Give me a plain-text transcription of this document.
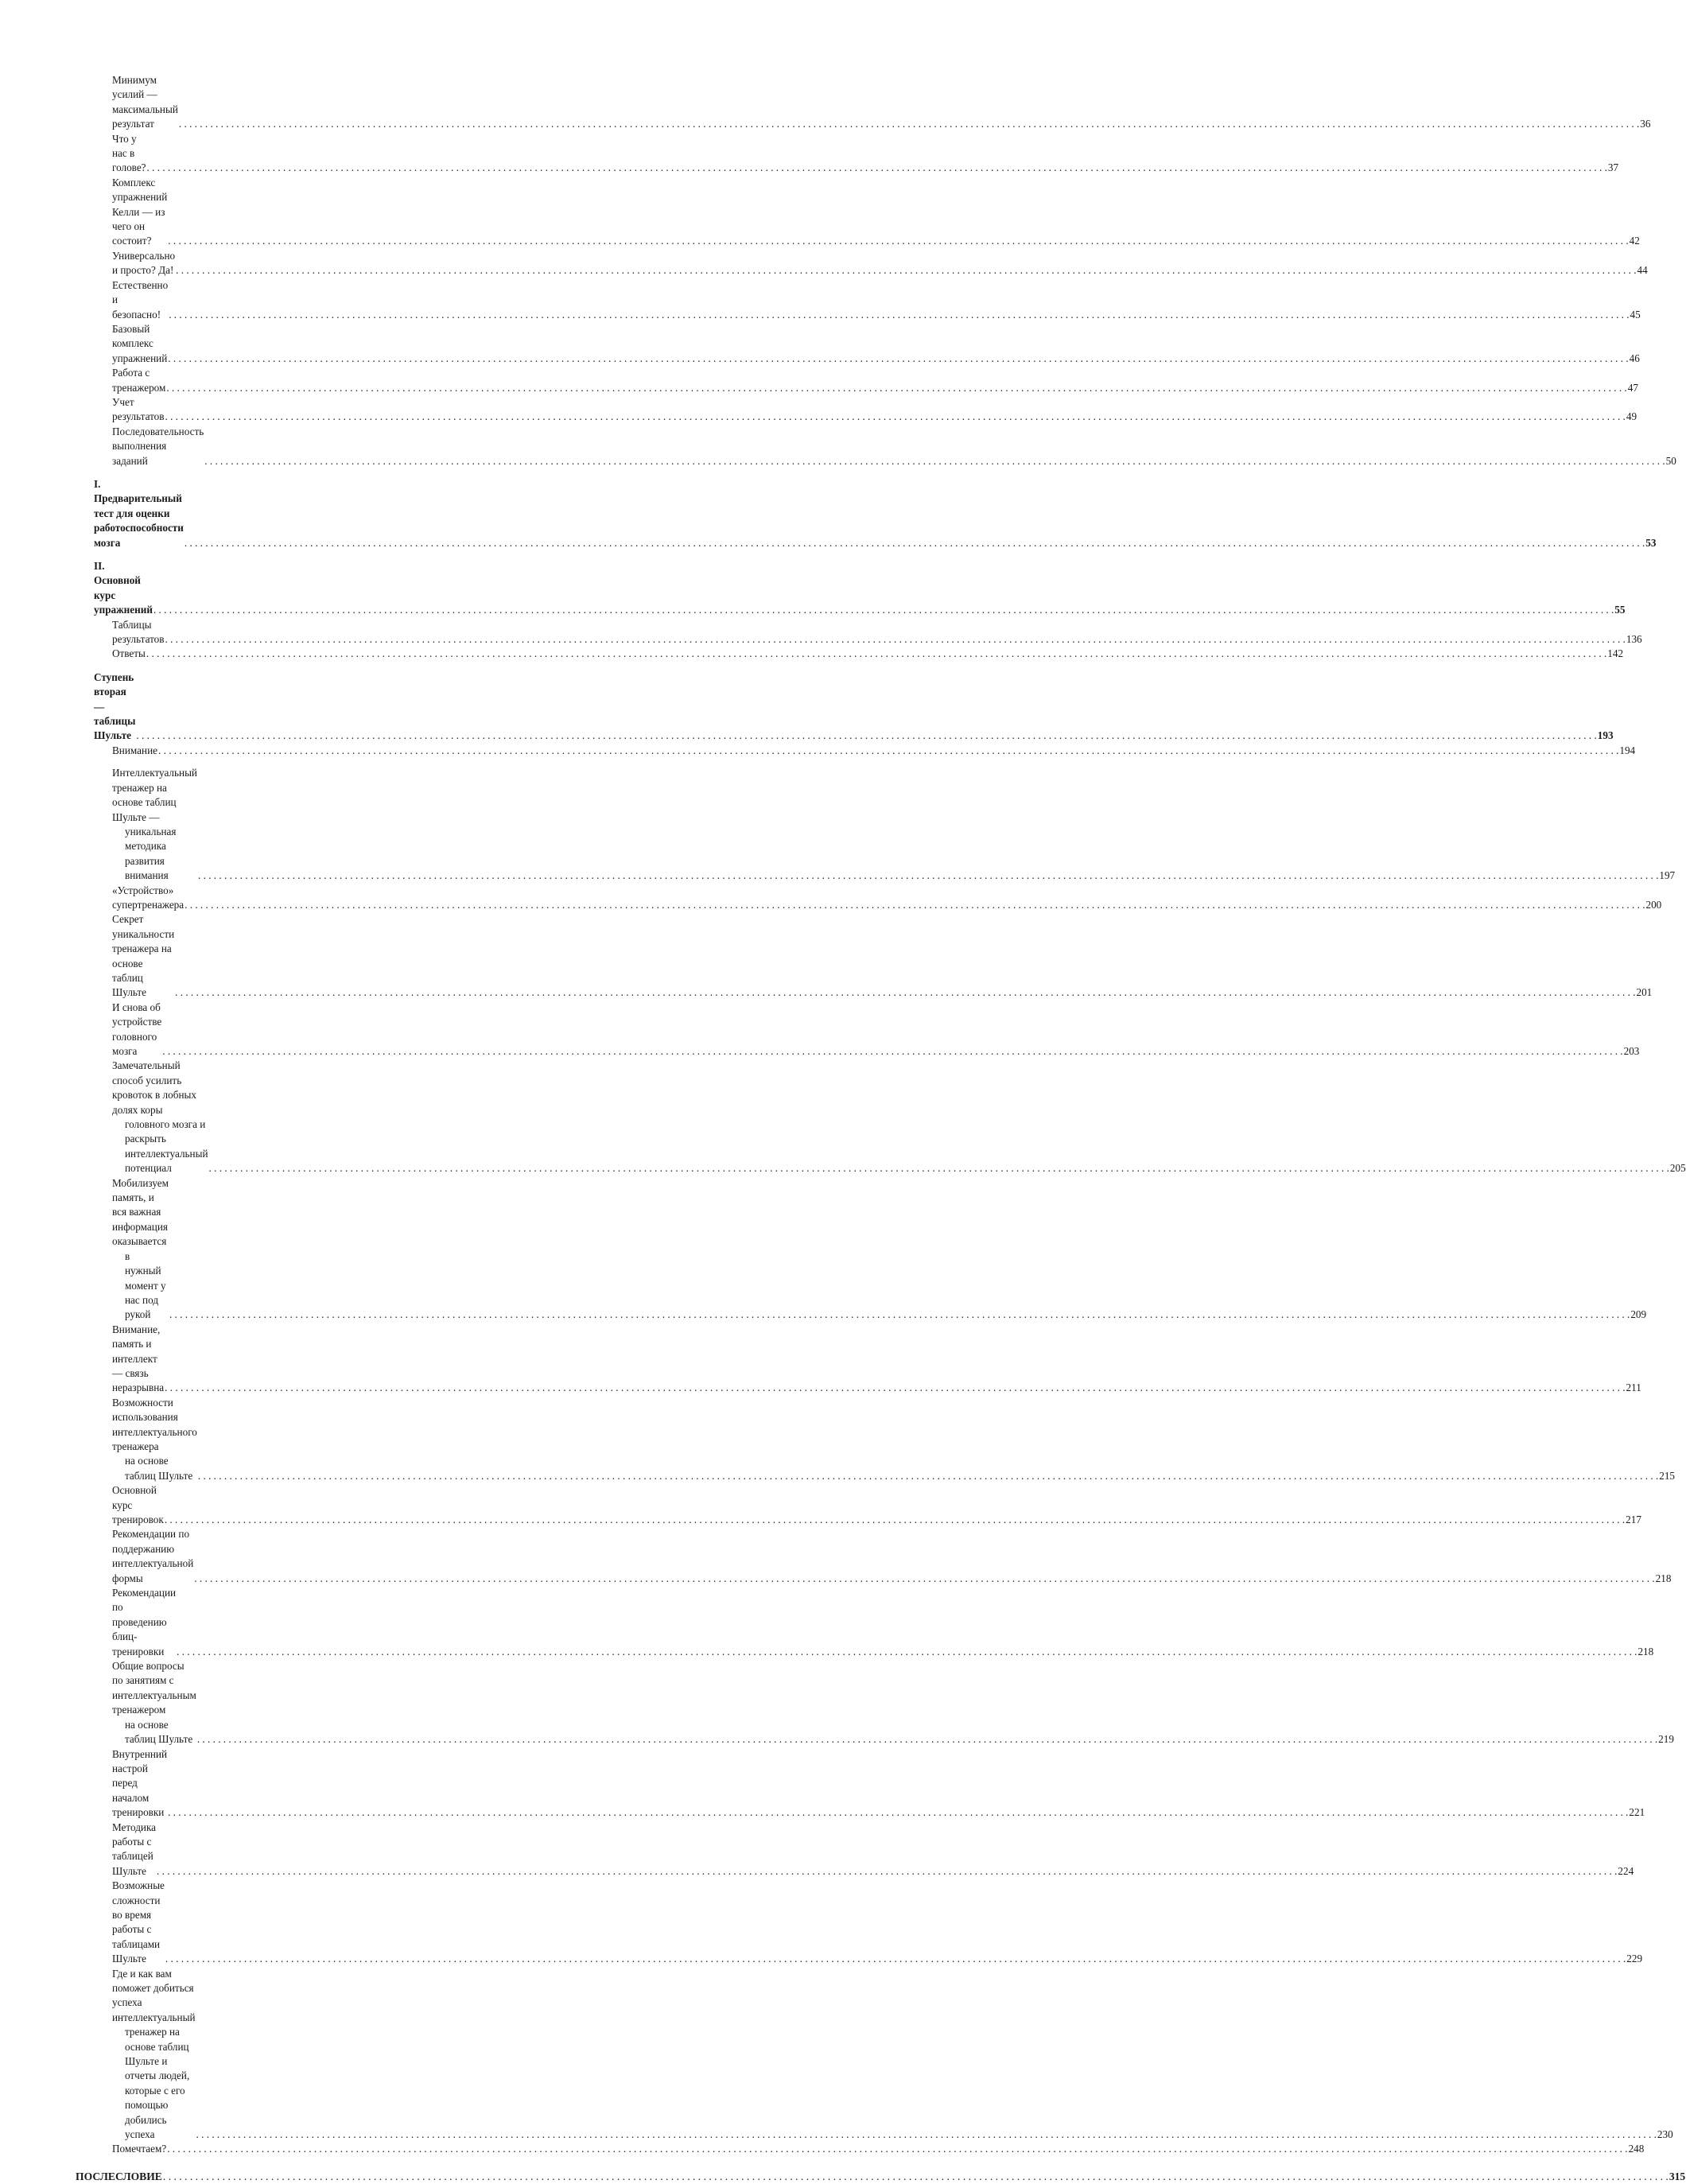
Минимум усилий — максимальный результат . . .	36
Что у нас в голове? . . .	37
Комплекс упражнений Келли — из чего он состоит? . . .	42
Универсально и просто? Да! . . .	44
Естественно и безопасно! . . .	45
Базовый комплекс упражнений . . .	46
Работа с тренажером . . .	47
Учет результатов . . .	49
Последовательность выполнения заданий . . .	50
I. Предварительный тест для оценки работоспособности мозга . . .	53
II. Основной курс упражнений . . .	55
Таблицы результатов . . .	136
Ответы . . .	142
Ступень вторая — таблицы Шульте . . .	193
Внимание . . .	194
Интеллектуальный тренажер на основе таблиц Шульте —
уникальная методика развития внимания . . .	197
«Устройство» супертренажера . . .	200
Секрет уникальности тренажера на основе таблиц Шульте . . .	201
И снова об устройстве головного мозга . . .	203
Замечательный способ усилить кровоток в лобных долях коры
головного мозга и раскрыть интеллектуальный потенциал . . .	205
Мобилизуем память, и вся важная информация оказывается
в нужный момент у нас под рукой . . .	209
Внимание, память и интеллект — связь неразрывна . . .	211
Возможности использования интеллектуального тренажера
на основе таблиц Шульте . . .	215
Основной курс тренировок . . .	217
Рекомендации по поддержанию интеллектуальной формы . . .	218
Рекомендации по проведению блиц-тренировки . . .	218
Общие вопросы по занятиям с интеллектуальным тренажером
на основе таблиц Шульте . . .	219
Внутренний настрой перед началом тренировки . . .	221
Методика работы с таблицей Шульте . . .	224
Возможные сложности во время работы с таблицами Шульте . . .	229
Где и как вам поможет добиться успеха интеллектуальный
тренажер на основе таблиц Шульте и отчеты людей,
которые с его помощью добились успеха . . .	230
Помечтаем? . . .	248
ПОСЛЕСЛОВИЕ . . .	315
